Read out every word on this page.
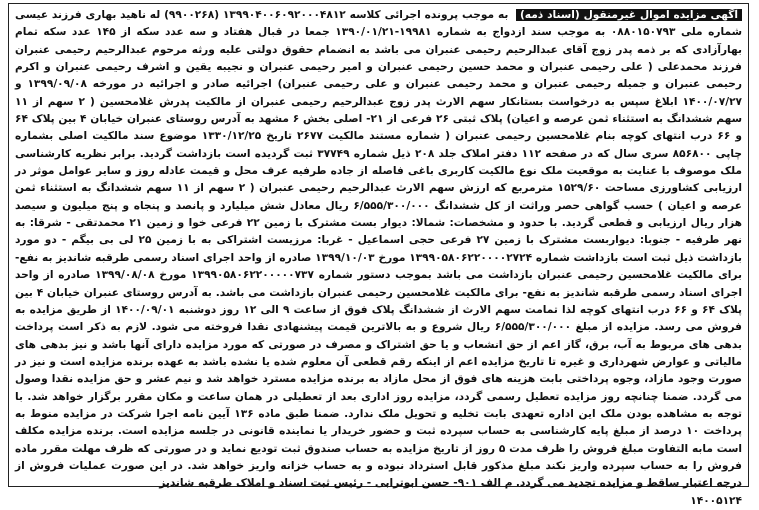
آگهی مزایده اموال غیرمنقول (اسناد ذمه) به موجب پرونده اجرائی کلاسه ۱۳۹۹۰۴۰۰۶۰۹۲۰۰۰۴۸۱۲ (۹۹۰۰۲۶۸) له ناهید بهاری فرزند عیسی شماره ملی ۰۸۸۰۱۵۰۷۹۳ به موجب سند ازدواج به شماره ۱۹۹۸۱-۱۳۹۰/۰۱/۲۱ جمعا در قبال هفتاد و سه عدد سکه از ۱۴۵ عدد سکه تمام بهارآزادی که بر ذمه پدر زوج آقای عبدالرحیم رحیمی عنبران می باشد به انضمام حقوق دولتی علیه ورثه مرحوم عبدالرحیم رحیمی عنبران فرزند محمدعلی ( علی رحیمی عنبران و محمد حسین رحیمی عنبران و امیر رحیمی عنبران و نجیبه یقین و اشرف رحیمی عنبران و اکرم رحیمی عنبران و جمیله رحیمی عنبران و محمد رحیمی عنبران و علی رحیمی عنبران) اجرائیه صادر و اجرائیه در مورخه ۱۳۹۹/۰۹/۰۸ و ۱۴۰۰/۰۷/۲۷ ابلاغ سپس به درخواست بستانکار سهم الارث پدر زوج عبدالرحیم رحیمی عنبران از مالکیت پدرش غلامحسین ( ۲ سهم از ۱۱ سهم ششدانگ به استثناء ثمن عرصه و اعیان) پلاک ثبتی ۲۶ فرعی از ۲۱- اصلی بخش ۶ مشهد به آدرس روستای عنبران خیابان ۴ بین پلاک ۶۴ و ۶۶ درب انتهای کوچه بنام غلامحسین رحیمی عنبران ( شماره مستند مالکیت ۲۶۷۷ تاریخ ۱۳۳۰/۱۲/۲۵ موضوع سند مالکیت اصلی بشماره چاپی ۸۵۶۸۰۰ سری سال که در صفحه ۱۱۲ دفتر املاک جلد ۲۰۸ ذیل شماره ۳۷۷۴۹ ثبت گردیده است بازداشت گردید. برابر نظریه کارشناسی ملک موصوف با عنایت به موقعیت ملک نوع مالکیت کاربری باغی فاصله از جاده طرفیه عرف محل و قیمت عادله روز و سایر عوامل موثر در ارزیابی کشاورزی مساحت ۱۵۲۹/۶۰ مترمربع که ارزش سهم الارث عبدالرحیم رحیمی عنبران ( ۲ سهم از ۱۱ سهم ششدانگ به استثناء ثمن عرصه و اعیان ) حسب گواهی حصر وراثت از کل ششدانگ ۶/۵۵۵/۳۰۰/۰۰۰ ریال معادل شش میلیارد و پانصد و پنجاه و پنج میلیون و سیصد هزار ریال ارزیابی و قطعی گردید. با حدود و مشخصات: شمالا: دیوار بست مشترک با زمین ۲۲ فرعی خوا و زمین ۲۱ محمدتقی - شرقا: به نهر طرفیه - جنوبا: دیواربست مشترک با زمین ۲۷ فرعی حجی اسماعیل - غربا: مرزیست اشتراکی به با زمین ۲۵ لی بی بیگم - دو مورد بازداشت ذیل ثبت است بازداشت شماره ۱۳۹۹۰۵۸۰۶۲۲۰۰۰۰۲۷۲۴ مورخ ۱۳۹۹/۱۰/۰۳ صادره از واحد اجرای اسناد رسمی طرقبه شاندیز به نفع- برای مالکیت غلامحسین رحیمی عنبران بازداشت می باشد بموجب دستور شماره ۱۳۹۹۰۵۸۰۶۲۲۰۰۰۰۰۷۳۷ مورخ ۱۳۹۹/۰۸/۰۸ صادره از واحد اجرای اسناد رسمی طرقبه شاندیز به نفع- برای مالکیت غلامحسین رحیمی عنبران بازداشت می باشد. به آدرس روستای عنبران خیابان ۴ بین پلاک ۶۴ و ۶۶ درب انتهای کوچه لذا تمامت سهم الارث از ششدانگ پلاک فوق از ساعت ۹ الی ۱۲ روز دوشنبه ۱۴۰۰/۰۹/۰۱ از طریق مزایده به فروش می رسد. مزایده از مبلغ ۶/۵۵۵/۳۰۰/۰۰۰ ریال شروع و به بالاترین قیمت پیشنهادی نقدا فروخته می شود. لازم به ذکر است پرداخت بدهی های مربوط به آب، برق، گاز اعم از حق انشعاب و یا حق اشتراک و مصرف در صورتی که مورد مزایده دارای آنها باشد و نیز بدهی های مالیاتی و عوارض شهرداری و غیره تا تاریخ مزایده اعم از اینکه رقم قطعی آن معلوم شده یا نشده باشد به عهده برنده مزایده است و نیز در صورت وجود مازاد، وجوه پرداختی بابت هزینه های فوق از محل مازاد به برنده مزایده مسترد خواهد شد و نیم عشر و حق مزایده نقدا وصول می گردد. ضمنا چنانچه روز مزایده تعطیل رسمی گردد، مزایده روز اداری بعد از تعطیلی در همان ساعت و مکان مقرر برگزار خواهد شد. با توجه به مشاهده بودن ملک این اداره تعهدی بابت تخلیه و تحویل ملک ندارد. ضمنا طبق ماده ۱۳۶ آیین نامه اجرا شرکت در مزایده منوط به پرداخت ۱۰ درصد از مبلغ پایه کارشناسی به حساب سپرده ثبت و حضور خریدار یا نماینده قانونی در جلسه مزایده است. برنده مزایده مکلف است مابه التفاوت مبلغ فروش را ظرف مدت ۵ روز از تاریخ مزایده به حساب صندوق ثبت تودیع نماید و در صورتی که ظرف مهلت مقرر ماده فروش را به حساب سپرده واریز نکند مبلغ مذکور قابل استرداد نبوده و به حساب خزانه واریز خواهد شد. در این صورت عملیات فروش از درجه اعتبار ساقط و مزایده تجدید می گردد. م الف ۹۰۱- حسن ابوترابی - رئیس ثبت اسناد و املاک طرقبه شاندیز
۱۴۰۰۵۱۲۴
